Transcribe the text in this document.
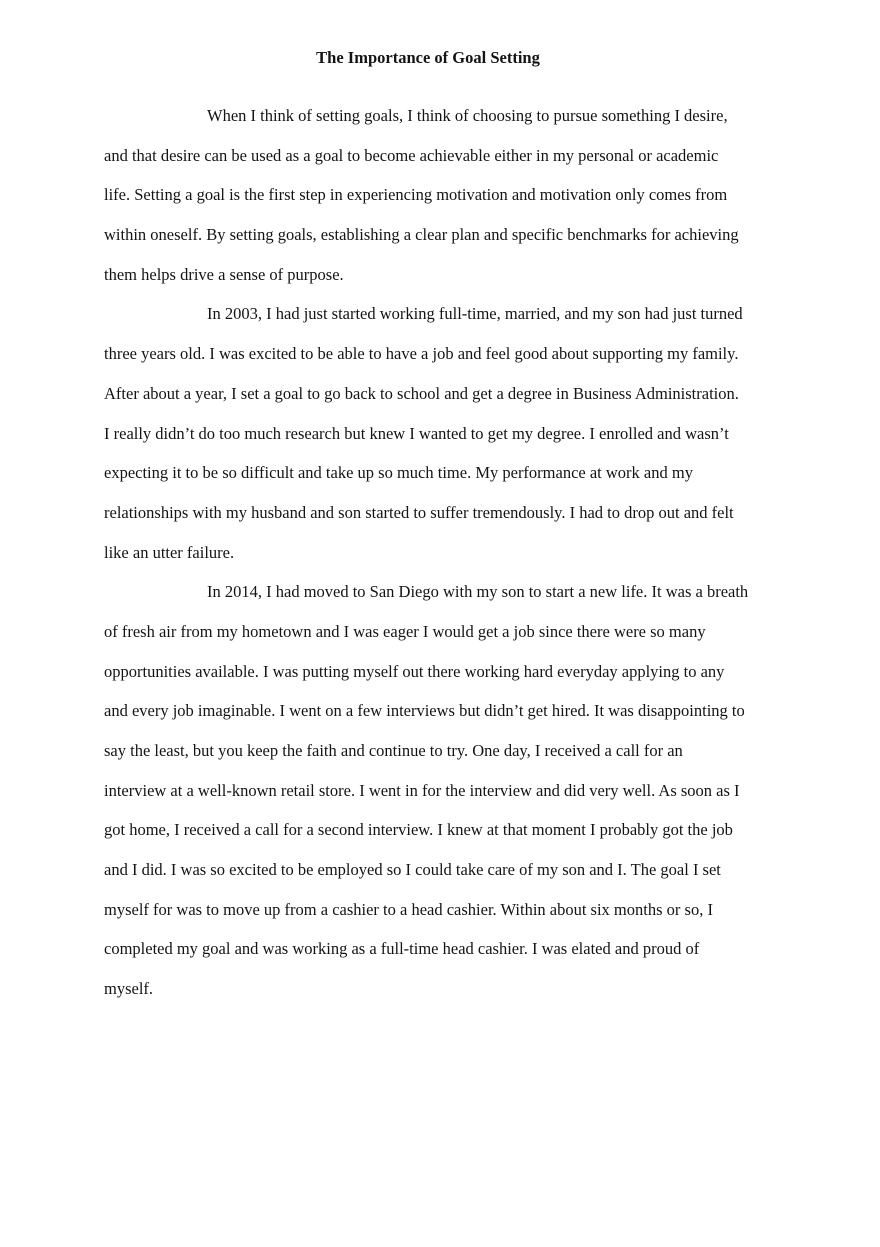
The Importance of Goal Setting
When I think of setting goals, I think of choosing to pursue something I desire,
and that desire can be used as a goal to become achievable either in my personal or academic
life. Setting a goal is the first step in experiencing motivation and motivation only comes from
within oneself. By setting goals, establishing a clear plan and specific benchmarks for achieving
them helps drive a sense of purpose.
In 2003, I had just started working full-time, married, and my son had just turned
three years old. I was excited to be able to have a job and feel good about supporting my family.
After about a year, I set a goal to go back to school and get a degree in Business Administration.
I really didn’t do too much research but knew I wanted to get my degree. I enrolled and wasn’t
expecting it to be so difficult and take up so much time. My performance at work and my
relationships with my husband and son started to suffer tremendously. I had to drop out and felt
like an utter failure.
In 2014, I had moved to San Diego with my son to start a new life. It was a breath
of fresh air from my hometown and I was eager I would get a job since there were so many
opportunities available. I was putting myself out there working hard everyday applying to any
and every job imaginable. I went on a few interviews but didn’t get hired. It was disappointing to
say the least, but you keep the faith and continue to try. One day, I received a call for an
interview at a well-known retail store. I went in for the interview and did very well. As soon as I
got home, I received a call for a second interview. I knew at that moment I probably got the job
and I did. I was so excited to be employed so I could take care of my son and I. The goal I set
myself for was to move up from a cashier to a head cashier. Within about six months or so, I
completed my goal and was working as a full-time head cashier. I was elated and proud of
myself.
